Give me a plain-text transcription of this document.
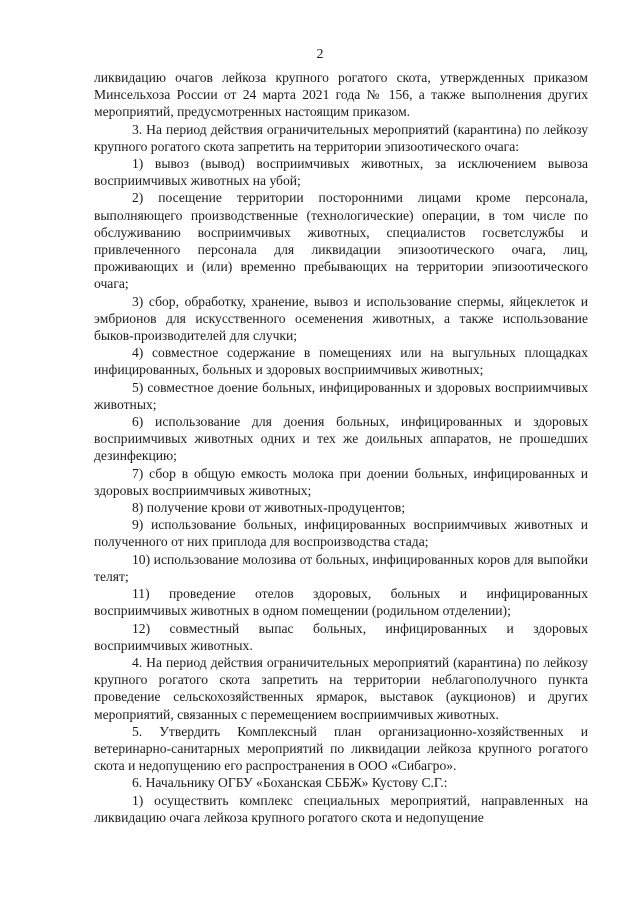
2

ликвидацию очагов лейкоза крупного рогатого скота, утвержденных приказом Минсельхоза России от 24 марта 2021 года № 156, а также выполнения других мероприятий, предусмотренных настоящим приказом.

3. На период действия ограничительных мероприятий (карантина) по лейкозу крупного рогатого скота запретить на территории эпизоотического очага:

1) вывоз (вывод) восприимчивых животных, за исключением вывоза восприимчивых животных на убой;

2) посещение территории посторонними лицами кроме персонала, выполняющего производственные (технологические) операции, в том числе по обслуживанию восприимчивых животных, специалистов госветслужбы и привлеченного персонала для ликвидации эпизоотического очага, лиц, проживающих и (или) временно пребывающих на территории эпизоотического очага;

3) сбор, обработку, хранение, вывоз и использование спермы, яйцеклеток и эмбрионов для искусственного осеменения животных, а также использование быков-производителей для случки;

4) совместное содержание в помещениях или на выгульных площадках инфицированных, больных и здоровых восприимчивых животных;

5) совместное доение больных, инфицированных и здоровых восприимчивых животных;

6) использование для доения больных, инфицированных и здоровых восприимчивых животных одних и тех же доильных аппаратов, не прошедших дезинфекцию;

7) сбор в общую емкость молока при доении больных, инфицированных и здоровых восприимчивых животных;

8) получение крови от животных-продуцентов;

9) использование больных, инфицированных восприимчивых животных и полученного от них приплода для воспроизводства стада;

10) использование молозива от больных, инфицированных коров для выпойки телят;

11) проведение отелов здоровых, больных и инфицированных восприимчивых животных в одном помещении (родильном отделении);

12) совместный выпас больных, инфицированных и здоровых восприимчивых животных.

4. На период действия ограничительных мероприятий (карантина) по лейкозу крупного рогатого скота запретить на территории неблагополучного пункта проведение сельскохозяйственных ярмарок, выставок (аукционов) и других мероприятий, связанных с перемещением восприимчивых животных.

5. Утвердить Комплексный план организационно-хозяйственных и ветеринарно-санитарных мероприятий по ликвидации лейкоза крупного рогатого скота и недопущению его распространения в ООО «Сибагро».

6. Начальнику ОГБУ «Боханская СББЖ» Кустову С.Г.:

1) осуществить комплекс специальных мероприятий, направленных на ликвидацию очага лейкоза крупного рогатого скота и недопущение
